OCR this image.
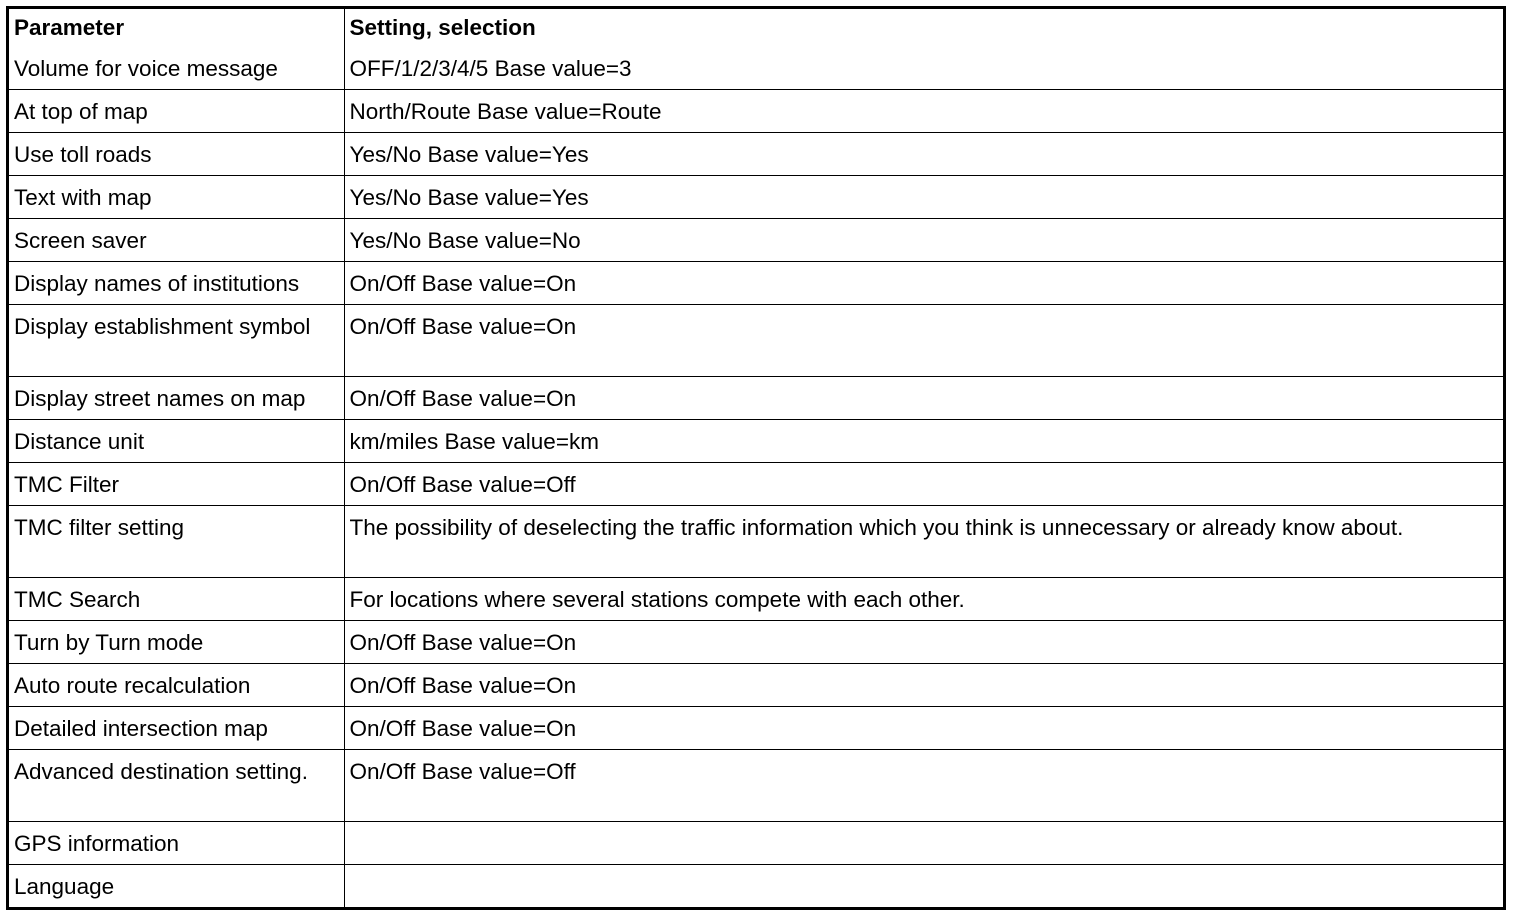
Parameter	Setting, selection
Volume for voice message	OFF/1/2/3/4/5 Base value=3
At top of map	North/Route Base value=Route
Use toll roads	Yes/No Base value=Yes
Text with map	Yes/No Base value=Yes
Screen saver	Yes/No Base value=No
Display names of institutions	On/Off Base value=On
Display establishment symbol	On/Off Base value=On
Display street names on map	On/Off Base value=On
Distance unit	km/miles Base value=km
TMC Filter	On/Off Base value=Off
TMC filter setting	The possibility of deselecting the traffic information which you think is unnecessary or already know about.
TMC Search	For locations where several stations compete with each other.
Turn by Turn mode	On/Off Base value=On
Auto route recalculation	On/Off Base value=On
Detailed intersection map	On/Off Base value=On
Advanced destination setting.	On/Off Base value=Off
GPS information	
Language	
